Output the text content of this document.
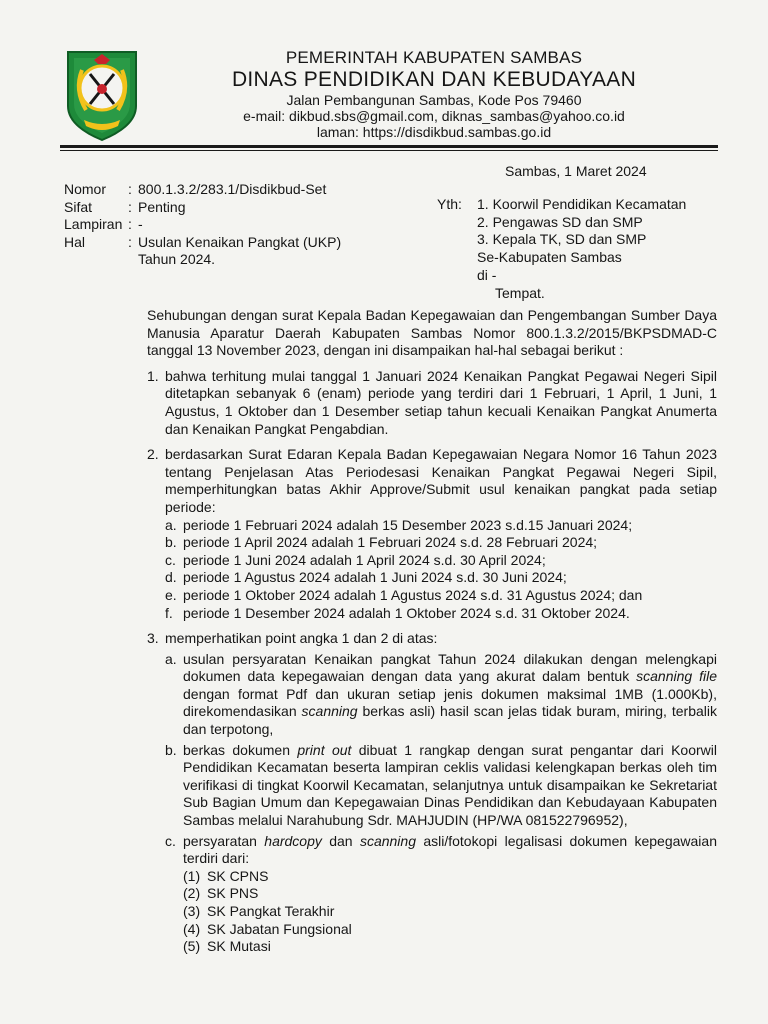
PEMERINTAH KABUPATEN SAMBAS
DINAS PENDIDIKAN DAN KEBUDAYAAN
Jalan Pembangunan Sambas, Kode Pos 79460
e-mail: dikbud.sbs@gmail.com, diknas_sambas@yahoo.co.id
laman: https://disdikbud.sambas.go.id
Sambas, 1 Maret 2024
Nomor	:	800.1.3.2/283.1/Disdikbud-Set
Sifat	:	Penting
Lampiran	:	-
Hal	:	Usulan Kenaikan Pangkat (UKP)
		Tahun 2024.
Yth: 1. Koorwil Pendidikan Kecamatan
2. Pengawas SD dan SMP
3. Kepala TK, SD dan SMP
Se-Kabupaten Sambas
di -
Tempat.

Sehubungan dengan surat Kepala Badan Kepegawaian dan Pengembangan Sumber Daya Manusia Aparatur Daerah Kabupaten Sambas Nomor 800.1.3.2/2015/BKPSDMAD-C tanggal 13 November 2023, dengan ini disampaikan hal-hal sebagai berikut :

1. bahwa terhitung mulai tanggal 1 Januari 2024 Kenaikan Pangkat Pegawai Negeri Sipil ditetapkan sebanyak 6 (enam) periode yang terdiri dari 1 Februari, 1 April, 1 Juni, 1 Agustus, 1 Oktober dan 1 Desember setiap tahun kecuali Kenaikan Pangkat Anumerta dan Kenaikan Pangkat Pengabdian.
2. berdasarkan Surat Edaran Kepala Badan Kepegawaian Negara Nomor 16 Tahun 2023 tentang Penjelasan Atas Periodesasi Kenaikan Pangkat Pegawai Negeri Sipil, memperhitungkan batas Akhir Approve/Submit usul kenaikan pangkat pada setiap periode:
a. periode 1 Februari 2024 adalah 15 Desember 2023 s.d.15 Januari 2024;
b. periode 1 April 2024 adalah 1 Februari 2024 s.d. 28 Februari 2024;
c. periode 1 Juni 2024 adalah 1 April 2024 s.d. 30 April 2024;
d. periode 1 Agustus 2024 adalah 1 Juni 2024 s.d. 30 Juni 2024;
e. periode 1 Oktober 2024 adalah 1 Agustus 2024 s.d. 31 Agustus 2024; dan
f. periode 1 Desember 2024 adalah 1 Oktober 2024 s.d. 31 Oktober 2024.
3. memperhatikan point angka 1 dan 2 di atas:
a. usulan persyaratan Kenaikan pangkat Tahun 2024 dilakukan dengan melengkapi dokumen data kepegawaian dengan data yang akurat dalam bentuk scanning file dengan format Pdf dan ukuran setiap jenis dokumen maksimal 1MB (1.000Kb), direkomendasikan scanning berkas asli) hasil scan jelas tidak buram, miring, terbalik dan terpotong,
b. berkas dokumen print out dibuat 1 rangkap dengan surat pengantar dari Koorwil Pendidikan Kecamatan beserta lampiran ceklis validasi kelengkapan berkas oleh tim verifikasi di tingkat Koorwil Kecamatan, selanjutnya untuk disampaikan ke Sekretariat Sub Bagian Umum dan Kepegawaian Dinas Pendidikan dan Kebudayaan Kabupaten Sambas melalui Narahubung Sdr. MAHJUDIN (HP/WA 081522796952),
c. persyaratan hardcopy dan scanning asli/fotokopi legalisasi dokumen kepegawaian terdiri dari:
(1) SK CPNS
(2) SK PNS
(3) SK Pangkat Terakhir
(4) SK Jabatan Fungsional
(5) SK Mutasi
